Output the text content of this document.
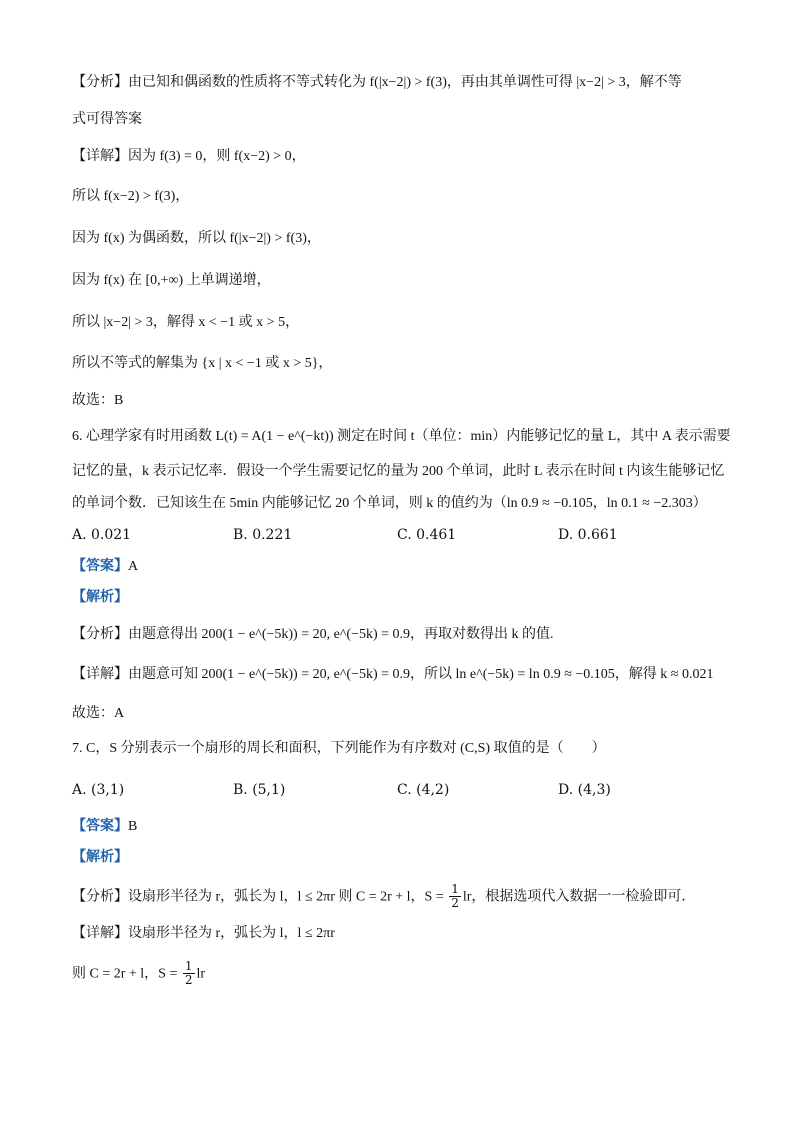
【分析】由已知和偶函数的性质将不等式转化为 f(|x−2|) > f(3)，再由其单调性可得 |x−2| > 3，解不等
式可得答案
【详解】因为 f(3) = 0，则 f(x−2) > 0，
所以 f(x−2) > f(3)，
因为 f(x) 为偶函数，所以 f(|x−2|) > f(3)，
因为 f(x) 在 [0,+∞) 上单调递增，
所以 |x−2| > 3，解得 x < −1 或 x > 5，
所以不等式的解集为 {x | x < −1 或 x > 5}，
故选：B
6. 心理学家有时用函数 L(t) = A(1 − e^(−kt)) 测定在时间 t（单位：min）内能够记忆的量 L，其中 A 表示需要
记忆的量，k 表示记忆率．假设一个学生需要记忆的量为 200 个单词，此时 L 表示在时间 t 内该生能够记忆
的单词个数．已知该生在 5min 内能够记忆 20 个单词，则 k 的值约为（ln 0.9 ≈ −0.105，ln 0.1 ≈ −2.303）
A. 0.021	B. 0.221	C. 0.461	D. 0.661
【答案】A
【解析】
【分析】由题意得出 200(1 − e^(−5k)) = 20, e^(−5k) = 0.9，再取对数得出 k 的值.
【详解】由题意可知 200(1 − e^(−5k)) = 20, e^(−5k) = 0.9，所以 ln e^(−5k) = ln 0.9 ≈ −0.105，解得 k ≈ 0.021
故选：A
7. C，S 分别表示一个扇形的周长和面积，下列能作为有序数对 (C,S) 取值的是（　　）
A. (3,1)	B. (5,1)	C. (4,2)	D. (4,3)
【答案】B
【解析】
【分析】设扇形半径为 r，弧长为 l，l ≤ 2πr 则 C = 2r + l，$S = \frac{1}{2}$ lr，根据选项代入数据一一检验即可．
【详解】设扇形半径为 r，弧长为 l，l ≤ 2πr
则 C = 2r + l，$S = \frac{1}{2}$ lr
